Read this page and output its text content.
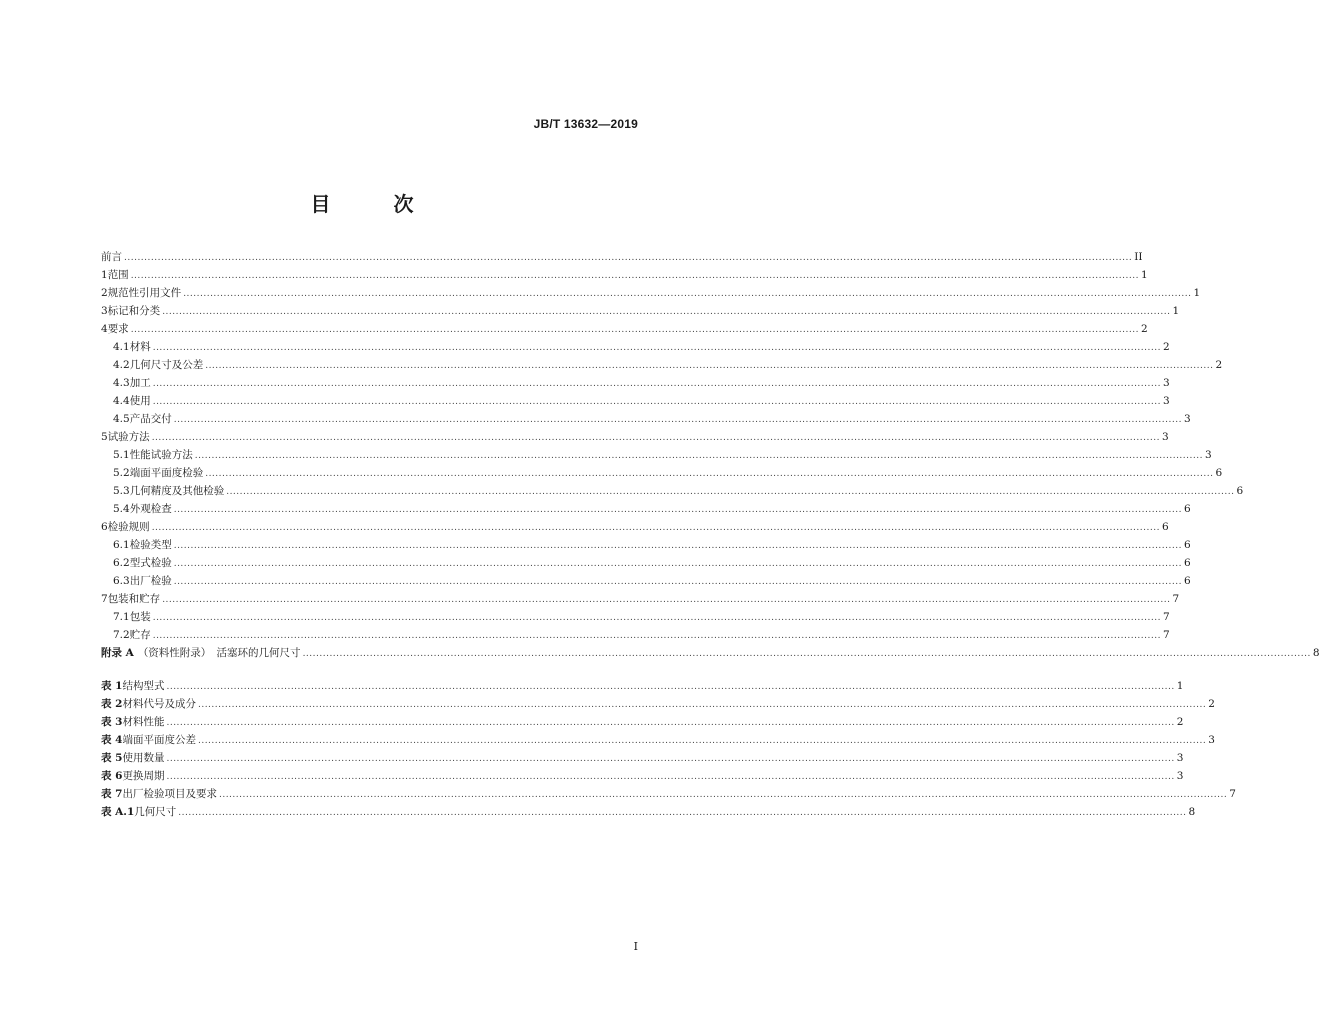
JB/T 13632—2019
目 次
前言 ............................................................................................................................................................................................................................................................................................................ II
1 范围 ............................................................................................................................................................................................................................................................................................................ 1
2 规范性引用文件 ............................................................................................................................................................................................................................................................................................................ 1
3 标记和分类 ............................................................................................................................................................................................................................................................................................................ 1
4 要求 ............................................................................................................................................................................................................................................................................................................ 2
4.1 材料 ............................................................................................................................................................................................................................................................................................................ 2
4.2 几何尺寸及公差 ............................................................................................................................................................................................................................................................................................................ 2
4.3 加工 ............................................................................................................................................................................................................................................................................................................ 3
4.4 使用 ............................................................................................................................................................................................................................................................................................................ 3
4.5 产品交付 ............................................................................................................................................................................................................................................................................................................ 3
5 试验方法 ............................................................................................................................................................................................................................................................................................................ 3
5.1 性能试验方法 ............................................................................................................................................................................................................................................................................................................ 3
5.2 端面平面度检验 ............................................................................................................................................................................................................................................................................................................ 6
5.3 几何精度及其他检验 ............................................................................................................................................................................................................................................................................................................ 6
5.4 外观检查 ............................................................................................................................................................................................................................................................................................................ 6
6 检验规则 ............................................................................................................................................................................................................................................................................................................ 6
6.1 检验类型 ............................................................................................................................................................................................................................................................................................................ 6
6.2 型式检验 ............................................................................................................................................................................................................................................................................................................ 6
6.3 出厂检验 ............................................................................................................................................................................................................................................................................................................ 6
7 包装和贮存 ............................................................................................................................................................................................................................................................................................................ 7
7.1 包装 ............................................................................................................................................................................................................................................................................................................ 7
7.2 贮存 ............................................................................................................................................................................................................................................................................................................ 7
附录 A （资料性附录）　活塞环的几何尺寸 ............................................................................................................................................................................................................................................................................................................ 8
表 1 结构型式 ............................................................................................................................................................................................................................................................................................................ 1
表 2 材料代号及成分 ............................................................................................................................................................................................................................................................................................................ 2
表 3 材料性能 ............................................................................................................................................................................................................................................................................................................ 2
表 4 端面平面度公差 ............................................................................................................................................................................................................................................................................................................ 3
表 5 使用数量 ............................................................................................................................................................................................................................................................................................................ 3
表 6 更换周期 ............................................................................................................................................................................................................................................................................................................ 3
表 7 出厂检验项目及要求 ............................................................................................................................................................................................................................................................................................................ 7
表 A.1 几何尺寸 ............................................................................................................................................................................................................................................................................................................ 8
I
